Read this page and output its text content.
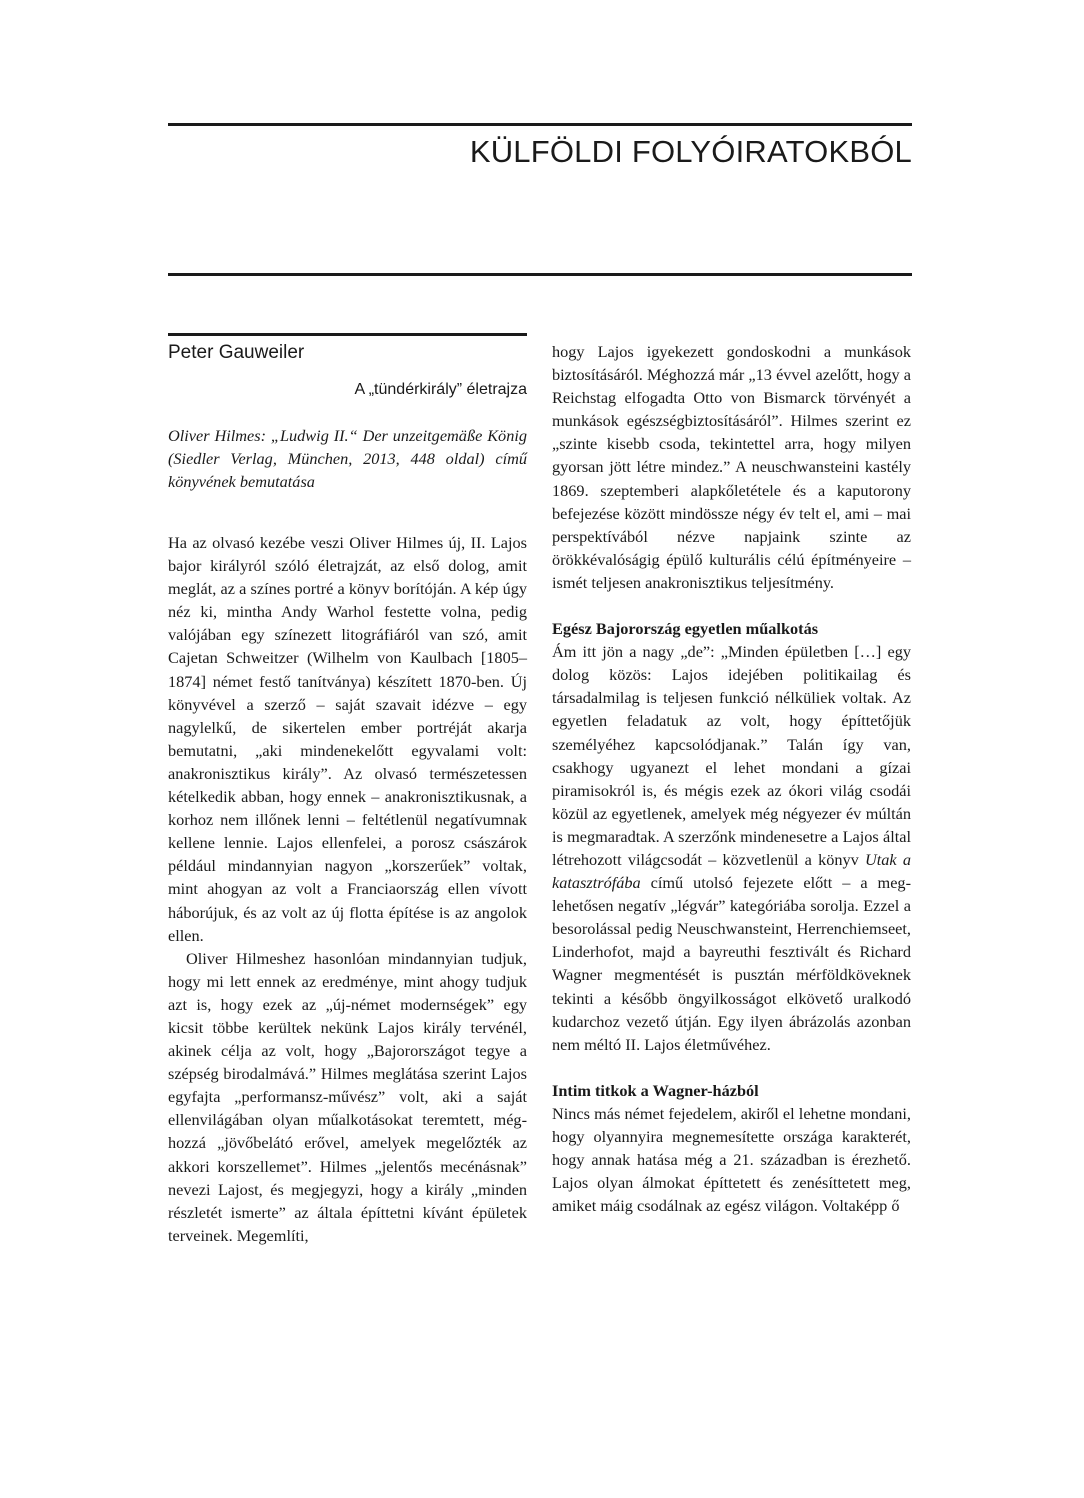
KÜLFÖLDI FOLYÓIRATOKBÓL
Peter Gauweiler
A „tündérkirály” életrajza

Oliver Hilmes: „Ludwig II.“ Der unzeitgemäße König (Siedler Verlag, München, 2013, 448 oldal) című könyvének bemutatása

Ha az olvasó kezébe veszi Oliver Hilmes új, II. Lajos bajor királyról szóló életrajzát, az első dolog, amit meglát, az a színes portré a könyv borítóján. A kép úgy néz ki, mintha Andy Warhol festette volna, pedig valójában egy színezett litográfiáról van szó, amit Cajetan Schweitzer (Wilhelm von Kaulbach [1805–1874] német festő tanítványa) készített 1870-ben. Új könyvével a szerző – saját szavait idézve – egy nagylelkű, de sikertelen ember portréját akarja bemutatni, „aki mindenekelőtt egyvalami volt: anakronisztikus király”. Az olvasó természetessen kételkedik abban, hogy ennek – anakronisztikusnak, a korhoz nem illőnek lenni – feltétlenül negatívumnak kellene lennie. Lajos ellenfelei, a porosz császárok például mindannyian nagyon „korszerűek” voltak, mint ahogyan az volt a Franciaország ellen vívott háborújuk, és az volt az új flotta építése is az angolok ellen.

Oliver Hilmeshez hasonlóan mindannyian tudjuk, hogy mi lett ennek az eredménye, mint ahogy tudjuk azt is, hogy ezek az „új-német modernségek” egy kicsit többe kerültek nekünk Lajos király tervénél, akinek célja az volt, hogy „Bajorországot tegye a szépség birodalmává.” Hilmes meglátása szerint Lajos egyfajta „performansz-művész” volt, aki a saját ellenvilágában olyan műalkotásokat teremtett, méghozzá „jövőbelátó erővel, amelyek megelőzték az akkori korszellemet”. Hilmes „jelentős mecénásnak” nevezi Lajost, és megjegyzi, hogy a király „minden részletét ismerte” az általa építtetni kívánt épületek terveinek. Megemlíti,

hogy Lajos igyekezett gondoskodni a munkások biztosításáról. Méghozzá már „13 évvel azelőtt, hogy a Reichstag elfogadta Otto von Bismarck törvényét a munkások egészségbiztosításáról”. Hilmes szerint ez „szinte kisebb csoda, tekintettel arra, hogy milyen gyorsan jött létre mindez.” A neuschwansteini kastély 1869. szeptemberi alapkőletétele és a kaputorony befejezése között mindössze négy év telt el, ami – mai perspektívából nézve napjaink szinte az örökkévalóságig épülő kulturális célú építményeire – ismét teljesen anakronisztikus teljesítmény.

Egész Bajorország egyetlen műalkotás

Ám itt jön a nagy „de”: „Minden épületben […] egy dolog közös: Lajos idejében politikailag és társadalmilag is teljesen funkció nélküliek voltak. Az egyetlen feladatuk az volt, hogy építtetőjük személyéhez kapcsolódjanak.” Talán így van, csakhogy ugyanezt el lehet mondani a gízai piramisokról is, és mégis ezek az ókori világ csodái közül az egyetlenek, amelyek még négyezer év múltán is megmaradtak. A szerzőnk mindenesetre a Lajos által létrehozott világcsodát – közvetlenül a könyv Utak a katasztrófába című utolsó fejezete előtt – a meglehetősen negatív „légvár” kategóriába sorolja. Ezzel a besorolással pedig Neuschwansteint, Herrenchiemseet, Linderhofot, majd a bayreuthi fesztivált és Richard Wagner megmentését is pusztán mérföldköveknek tekinti a később öngyilkosságot elkövető uralkodó kudarchoz vezető útján. Egy ilyen ábrázolás azonban nem méltó II. Lajos életművéhez.

Intim titkok a Wagner-házból

Nincs más német fejedelem, akiről el lehetne mondani, hogy olyannyira megnemesítette országa karakterét, hogy annak hatása még a 21. században is érezhető. Lajos olyan álmokat építtetett és zenésíttetett meg, amiket máig csodálnak az egész világon. Voltaképp ő
